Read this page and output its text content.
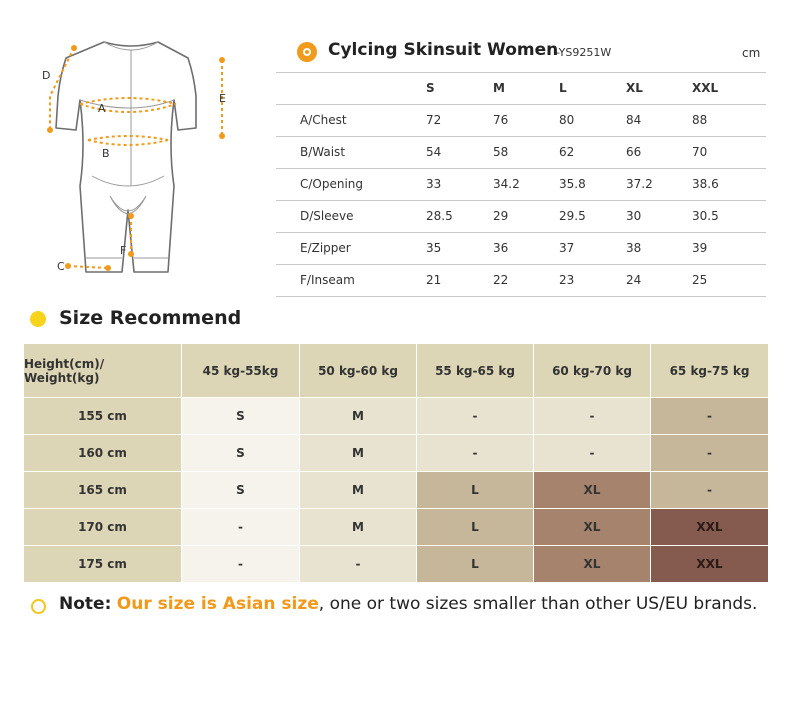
A
B
C
D
E
F
Cylcing Skinsuit Women
-YS9251W	cm
S	M	L	XL	XXL
A/Chest	72	76	80	84	88
B/Waist	54	58	62	66	70
C/Opening	33	34.2	35.8	37.2	38.6
D/Sleeve	28.5	29	29.5	30	30.5
E/Zipper	35	36	37	38	39
F/Inseam	21	22	23	24	25
Size Recommend
Height(cm)/ Weight(kg)	45 kg-55kg	50 kg-60 kg	55 kg-65 kg	60 kg-70 kg	65 kg-75 kg
155 cm	S	M	-	-	-
160 cm	S	M	-	-	-
165 cm	S	M	L	XL	-
170 cm	-	M	L	XL	XXL
175 cm	-	-	L	XL	XXL
Note: Our size is Asian size, one or two sizes smaller than other US/EU brands.
